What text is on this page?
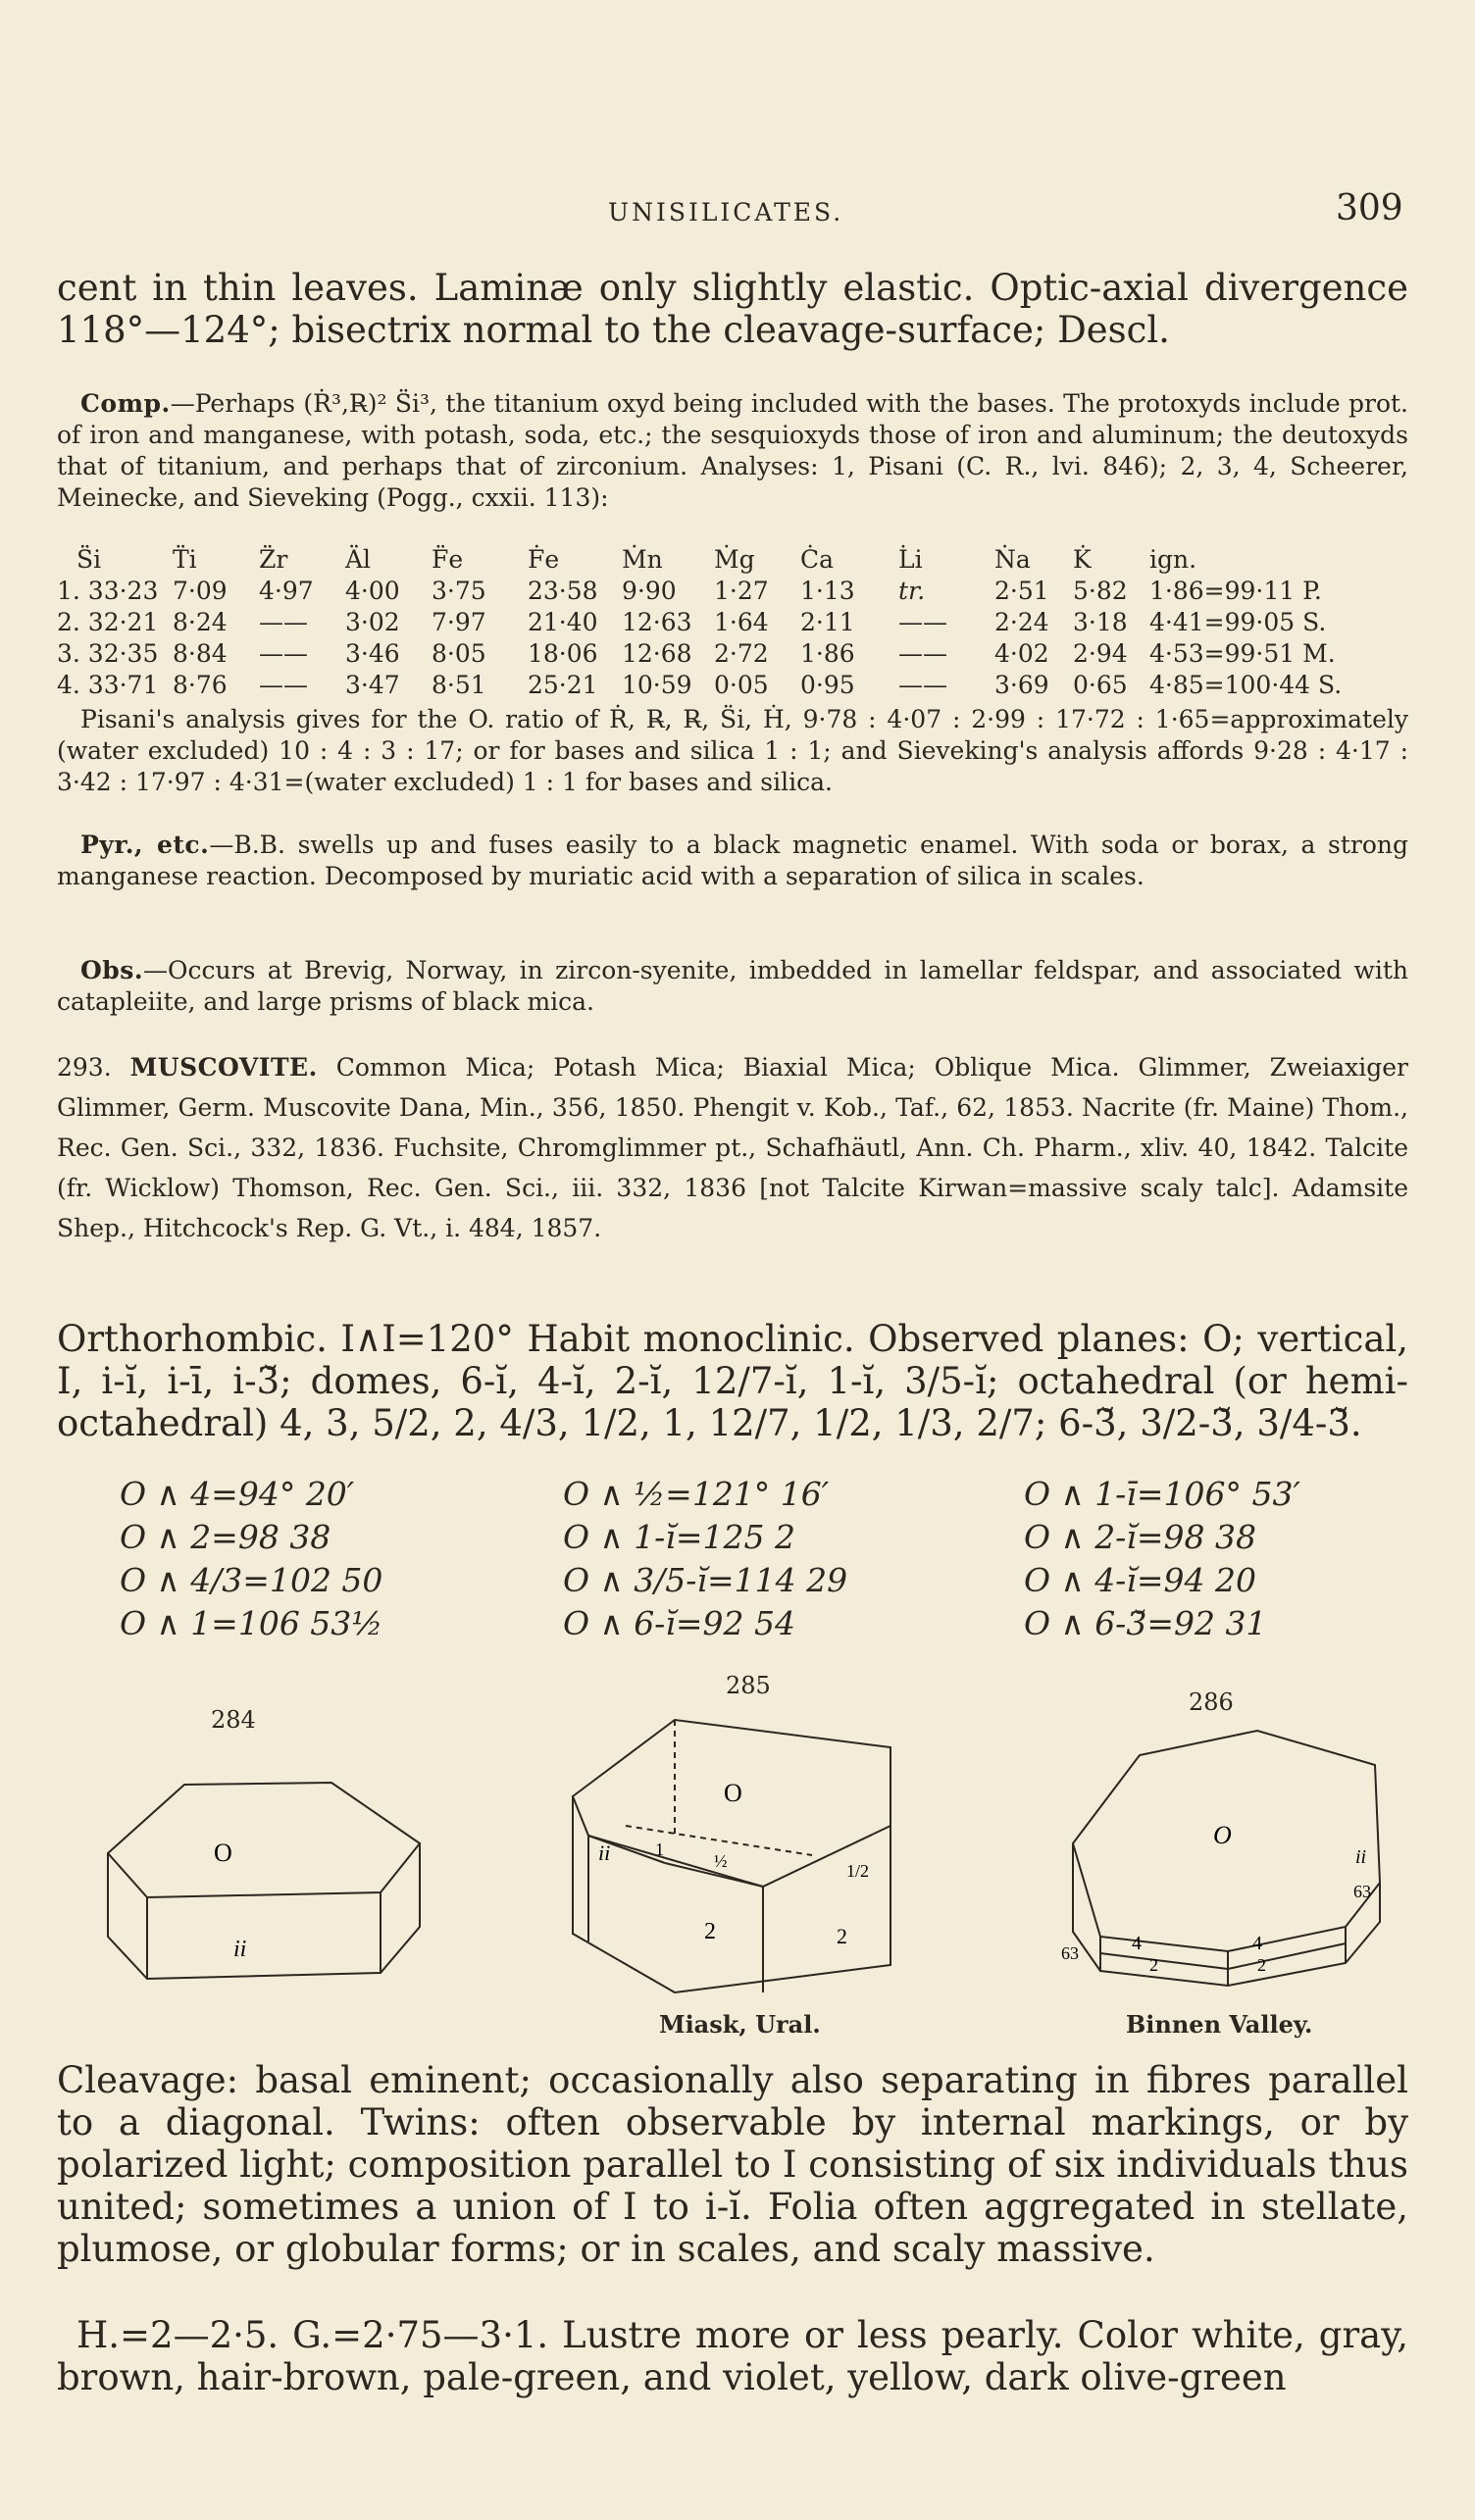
UNISILICATES.	309

cent in thin leaves. Laminæ only slightly elastic. Optic-axial divergence 118°—124°; bisectrix normal to the cleavage-surface; Descl.

Comp.—Perhaps (Ṙ³,R̶)² S̈i³, the titanium oxyd being included with the bases. The protoxyds include prot. of iron and manganese, with potash, soda, etc.; the sesquioxyds those of iron and aluminum; the deutoxyds that of titanium, and perhaps that of zirconium. Analyses: 1, Pisani (C. R., lvi. 846); 2, 3, 4, Scheerer, Meinecke, and Sieveking (Pogg., cxxii. 113):

S̈i	T̈i	Z̈r	Äl	F̈e	Ḟe	Ṁn	Ṁg	Ċa	L̇i	Ṅa	K̇	ign.
1. 33·23	7·09	4·97	4·00	3·75	23·58	9·90	1·27	1·13	tr.	2·51	5·82	1·86=99·11 P.
2. 32·21	8·24	——	3·02	7·97	21·40	12·63	1·64	2·11	——	2·24	3·18	4·41=99·05 S.
3. 32·35	8·84	——	3·46	8·05	18·06	12·68	2·72	1·86	——	4·02	2·94	4·53=99·51 M.
4. 33·71	8·76	——	3·47	8·51	25·21	10·59	0·05	0·95	——	3·69	0·65	4·85=100·44 S.

Pisani's analysis gives for the O. ratio of Ṙ, R̶, R̶, S̈i, Ḣ, 9·78 : 4·07 : 2·99 : 17·72 : 1·65=approximately (water excluded) 10 : 4 : 3 : 17; or for bases and silica 1 : 1; and Sieveking's analysis affords 9·28 : 4·17 : 3·42 : 17·97 : 4·31=(water excluded) 1 : 1 for bases and silica.

Pyr., etc.—B.B. swells up and fuses easily to a black magnetic enamel. With soda or borax, a strong manganese reaction. Decomposed by muriatic acid with a separation of silica in scales.

Obs.—Occurs at Brevig, Norway, in zircon-syenite, imbedded in lamellar feldspar, and associated with catapleiite, and large prisms of black mica.

293. MUSCOVITE. Common Mica; Potash Mica; Biaxial Mica; Oblique Mica. Glimmer, Zweiaxiger Glimmer, Germ. Muscovite Dana, Min., 356, 1850. Phengit v. Kob., Taf., 62, 1853. Nacrite (fr. Maine) Thom., Rec. Gen. Sci., 332, 1836. Fuchsite, Chromglimmer pt., Schafhäutl, Ann. Ch. Pharm., xliv. 40, 1842. Talcite (fr. Wicklow) Thomson, Rec. Gen. Sci., iii. 332, 1836 [not Talcite Kirwan=massive scaly talc]. Adamsite Shep., Hitchcock's Rep. G. Vt., i. 484, 1857.

Orthorhombic. I∧I=120° Habit monoclinic. Observed planes: O; vertical, I, i-ĭ, i-ī, i-3̆; domes, 6-ĭ, 4-ĭ, 2-ĭ, 12/7-ĭ, 1-ĭ, 3/5-ĭ; octahedral (or hemi-octahedral) 4, 3, 5/2, 2, 4/3, 1/2, 1, 12/7, 1/2, 1/3, 2/7; 6-3̆, 3/2-3̆, 3/4-3̆.

O ∧ 4=94° 20′
O ∧ 2=98 38
O ∧ 4/3=102 50
O ∧ 1=106 53½
O ∧ ½=121° 16′
O ∧ 1-ĭ=125 2
O ∧ 3/5-ĭ=114 29
O ∧ 6-ĭ=92 54
O ∧ 1-ī=106° 53′
O ∧ 2-ĭ=98 38
O ∧ 4-ĭ=94 20
O ∧ 6-3̆=92 31
284
O
ii
285
O
ii	½
1
2
1/2
2
Miask, Ural.
286
O
ii
63
63
4	4
2	2
Binnen Valley.

Cleavage: basal eminent; occasionally also separating in fibres parallel to a diagonal. Twins: often observable by internal markings, or by polarized light; composition parallel to I consisting of six individuals thus united; sometimes a union of I to i-ĭ. Folia often aggregated in stellate, plumose, or globular forms; or in scales, and scaly massive.

H.=2—2·5. G.=2·75—3·1. Lustre more or less pearly. Color white, gray, brown, hair-brown, pale-green, and violet, yellow, dark olive-green
